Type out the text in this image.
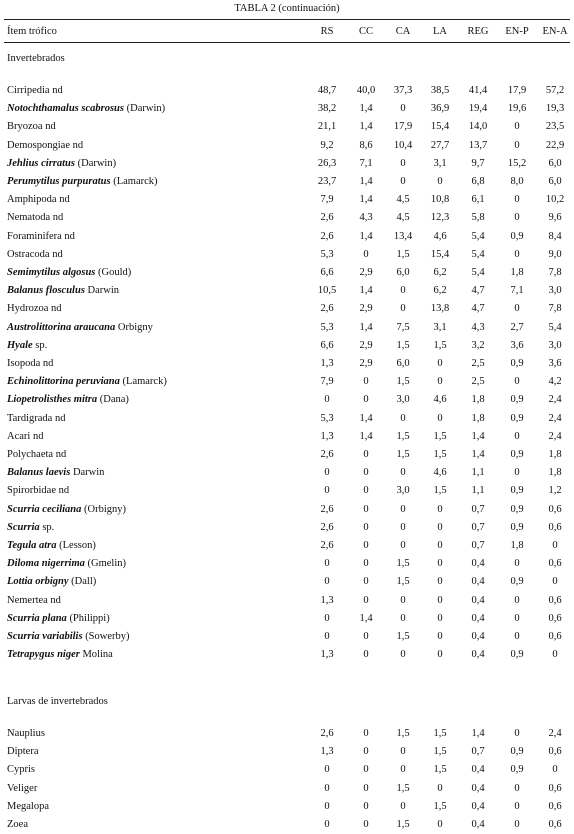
TABLA 2 (continuación)
Ítem trófico	RS	CC	CA	LA	REG	EN-P	EN-A
Invertebrados
Cirripedia nd	48,7	40,0	37,3	38,5	41,4	17,9	57,2
Notochthamalus scabrosus (Darwin)	38,2	1,4	0	36,9	19,4	19,6	19,3
Bryozoa nd	21,1	1,4	17,9	15,4	14,0	0	23,5
Demospongiae nd	9,2	8,6	10,4	27,7	13,7	0	22,9
Jehlius cirratus (Darwin)	26,3	7,1	0	3,1	9,7	15,2	6,0
Perumytilus purpuratus (Lamarck)	23,7	1,4	0	0	6,8	8,0	6,0
Amphipoda nd	7,9	1,4	4,5	10,8	6,1	0	10,2
Nematoda nd	2,6	4,3	4,5	12,3	5,8	0	9,6
Foraminifera nd	2,6	1,4	13,4	4,6	5,4	0,9	8,4
Ostracoda nd	5,3	0	1,5	15,4	5,4	0	9,0
Semimytilus algosus (Gould)	6,6	2,9	6,0	6,2	5,4	1,8	7,8
Balanus flosculus Darwin	10,5	1,4	0	6,2	4,7	7,1	3,0
Hydrozoa nd	2,6	2,9	0	13,8	4,7	0	7,8
Austrolittorina araucana Orbigny	5,3	1,4	7,5	3,1	4,3	2,7	5,4
Hyale sp.	6,6	2,9	1,5	1,5	3,2	3,6	3,0
Isopoda nd	1,3	2,9	6,0	0	2,5	0,9	3,6
Echinolittorina peruviana (Lamarck)	7,9	0	1,5	0	2,5	0	4,2
Liopetrolisthes mitra (Dana)	0	0	3,0	4,6	1,8	0,9	2,4
Tardigrada nd	5,3	1,4	0	0	1,8	0,9	2,4
Acari nd	1,3	1,4	1,5	1,5	1,4	0	2,4
Polychaeta nd	2,6	0	1,5	1,5	1,4	0,9	1,8
Balanus laevis Darwin	0	0	0	4,6	1,1	0	1,8
Spirorbidae nd	0	0	3,0	1,5	1,1	0,9	1,2
Scurria ceciliana (Orbigny)	2,6	0	0	0	0,7	0,9	0,6
Scurria sp.	2,6	0	0	0	0,7	0,9	0,6
Tegula atra (Lesson)	2,6	0	0	0	0,7	1,8	0
Diloma nigerrima (Gmelin)	0	0	1,5	0	0,4	0	0,6
Lottia orbigny (Dall)	0	0	1,5	0	0,4	0,9	0
Nemertea nd	1,3	0	0	0	0,4	0	0,6
Scurria plana (Philippi)	0	1,4	0	0	0,4	0	0,6
Scurria variabilis (Sowerby)	0	0	1,5	0	0,4	0	0,6
Tetrapygus niger Molina	1,3	0	0	0	0,4	0,9	0
Larvas de invertebrados
Nauplius	2,6	0	1,5	1,5	1,4	0	2,4
Diptera	1,3	0	0	1,5	0,7	0,9	0,6
Cypris	0	0	0	1,5	0,4	0,9	0
Veliger	0	0	1,5	0	0,4	0	0,6
Megalopa	0	0	0	1,5	0,4	0	0,6
Zoea	0	0	1,5	0	0,4	0	0,6
